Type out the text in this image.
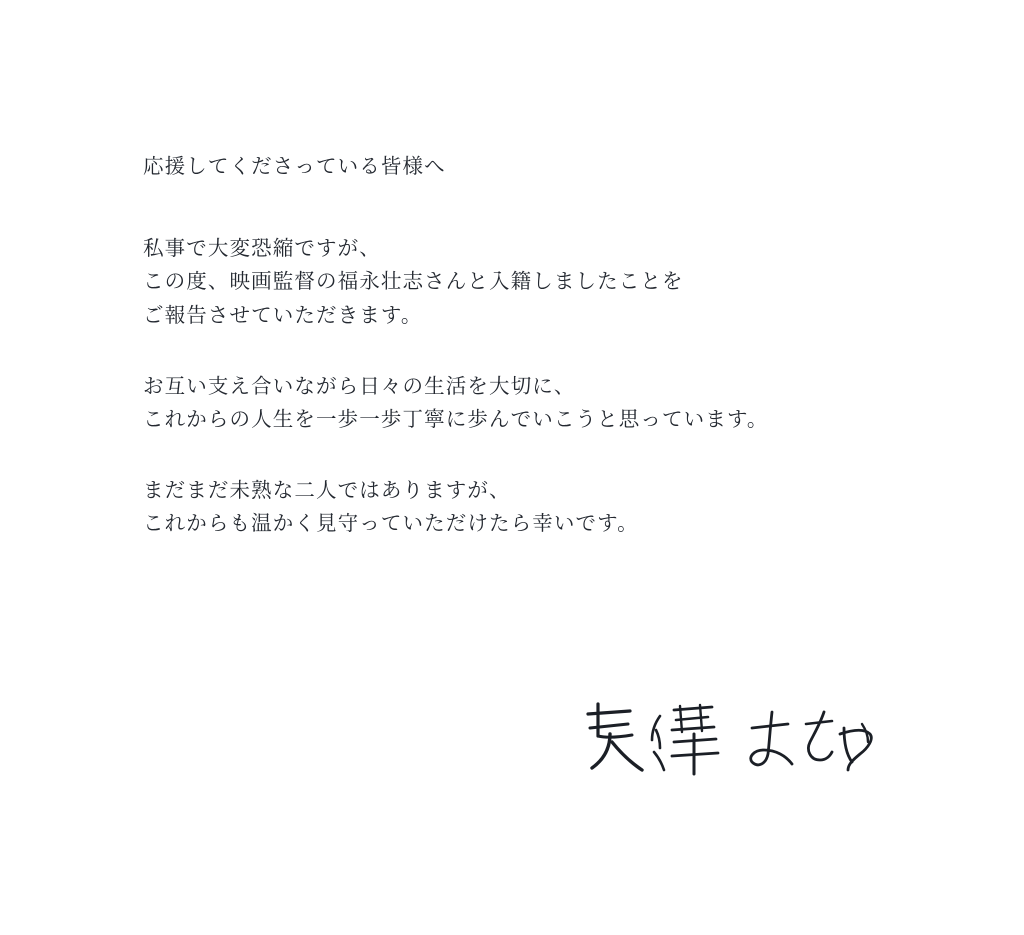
応援してくださっている皆様へ
私事で大変恐縮ですが、
この度、映画監督の福永壮志さんと入籍しましたことを
ご報告させていただきます。
お互い支え合いながら日々の生活を大切に、
これからの人生を一歩一歩丁寧に歩んでいこうと思っています。
まだまだ未熟な二人ではありますが、
これからも温かく見守っていただけたら幸いです。
